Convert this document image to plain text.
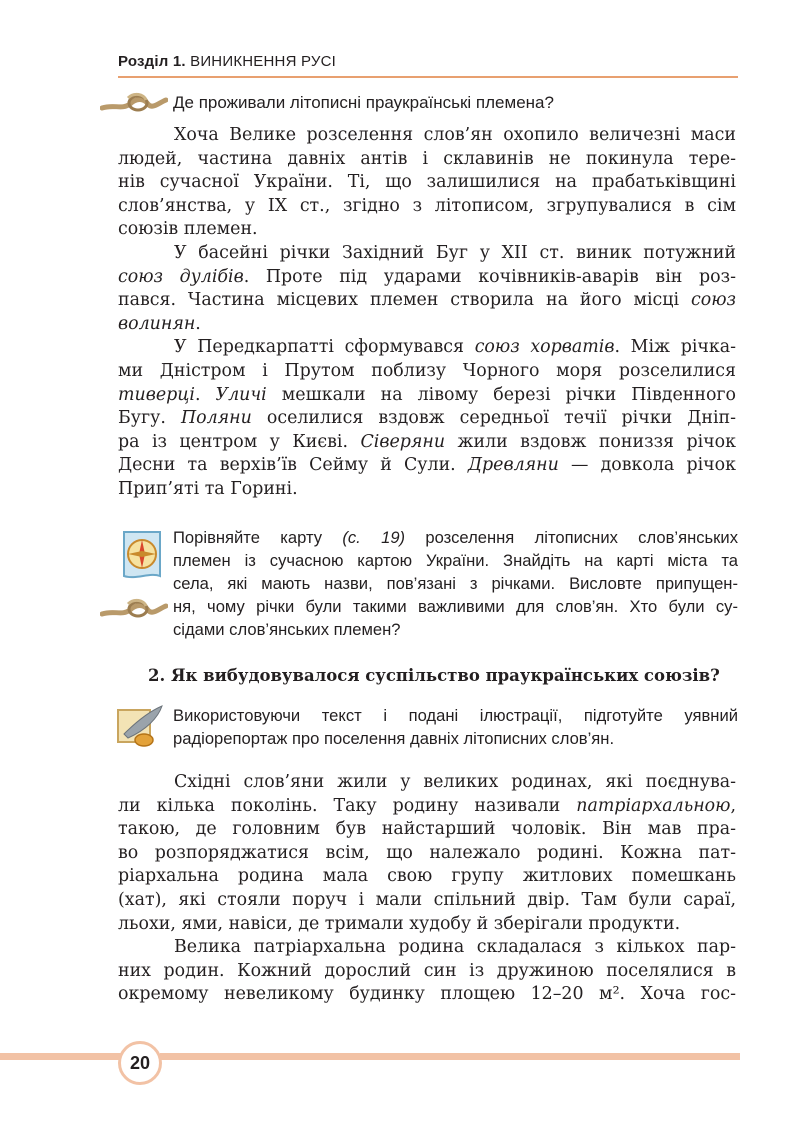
Розділ 1. ВИНИКНЕННЯ РУСІ
Де проживали літописні праукраїнські племена?

Хоча Велике розселення слов’ян охопило величезні маси

людей, частина давніх антів і склавинів не покинула тере-
нів сучасної України. Ті, що залишилися на прабатьківщині
слов’янства, у IX ст., згідно з літописом, згрупувалися в сім
союзів племен.

У басейні річки Західний Буг у XII ст. виник потужний

союз дулібів. Проте під ударами кочівників-аварів він роз-
пався. Частина місцевих племен створила на його місці союз
волинян.

У Передкарпатті сформувався союз хорватів. Між річка-

ми Дністром і Прутом поблизу Чорного моря розселилися
тиверці. Уличі мешкали на лівому березі річки Південного
Бугу. Поляни оселилися вздовж середньої течії річки Дніп-
ра із центром у Києві. Сіверяни жили вздовж пониззя річок
Десни та верхів’їв Сейму й Сули. Древляни — довкола річок
Прип’яті та Горині.

Порівняйте карту (с. 19) розселення літописних слов’янських
племен із сучасною картою України. Знайдіть на карті міста та
села, які мають назви, пов’язані з річками. Висловте припущен-
ня, чому річки були такими важливими для слов’ян. Хто були су-
сідами слов’янських племен?
2. Як вибудовувалося суспільство праукраїнських союзів?
Використовуючи текст і подані ілюстрації, підготуйте уявний
радіорепортаж про поселення давніх літописних слов’ян.

Східні слов’яни жили у великих родинах, які поєднува-

ли кілька поколінь. Таку родину називали патріархальною,
такою, де головним був найстарший чоловік. Він мав пра-
во розпоряджатися всім, що належало родині. Кожна пат-
ріархальна родина мала свою групу житлових помешкань
(хат), які стояли поруч і мали спільний двір. Там були сараї,
льохи, ями, навіси, де тримали худобу й зберігали продукти.

Велика патріархальна родина складалася з кількох пар-

них родин. Кожний дорослий син із дружиною поселялися в
окремому невеликому будинку площею 12–20 м². Хоча гос-

20
